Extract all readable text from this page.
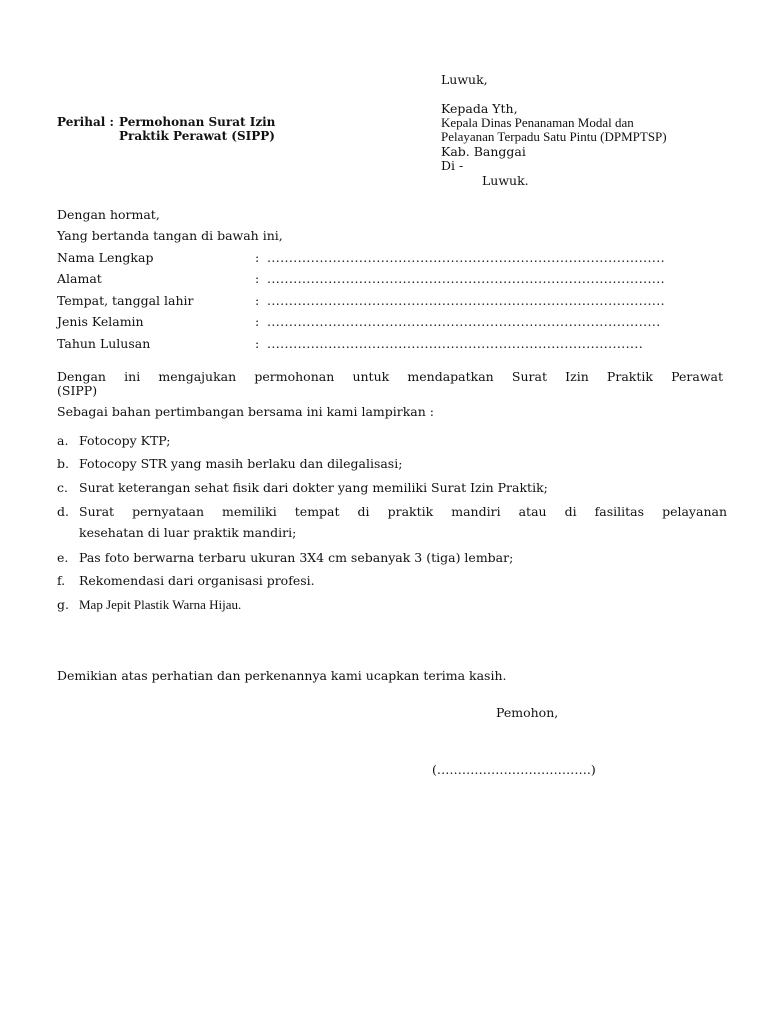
Luwuk,
Kepada Yth,
Kepala Dinas Penanaman Modal dan
Pelayanan Terpadu Satu Pintu (DPMPTSP)
Kab. Banggai
Di -
Luwuk.
Perihal : Permohonan Surat Izin
Praktik Perawat (SIPP)
Dengan hormat,
Yang bertanda tangan di bawah ini,
Nama Lengkap	: ...........................................................................................
Alamat	: ...........................................................................................
Tempat, tanggal lahir	: ...........................................................................................
Jenis Kelamin	: ..........................................................................................
Tahun Lulusan	: ......................................................................................
Dengan ini mengajukan permohonan untuk mendapatkan Surat Izin Praktik Perawat
(SIPP)
Sebagai bahan pertimbangan bersama ini kami lampirkan :
a. Fotocopy KTP;
b. Fotocopy STR yang masih berlaku dan dilegalisasi;
c. Surat keterangan sehat fisik dari dokter yang memiliki Surat Izin Praktik;
d. Surat pernyataan memiliki tempat di praktik mandiri atau di fasilitas pelayanan
kesehatan di luar praktik mandiri;
e. Pas foto berwarna terbaru ukuran 3X4 cm sebanyak 3 (tiga) lembar;
f. Rekomendasi dari organisasi profesi.
g. Map Jepit Plastik Warna Hijau.
Demikian atas perhatian dan perkenannya kami ucapkan terima kasih.
Pemohon,
(……………………………….)
